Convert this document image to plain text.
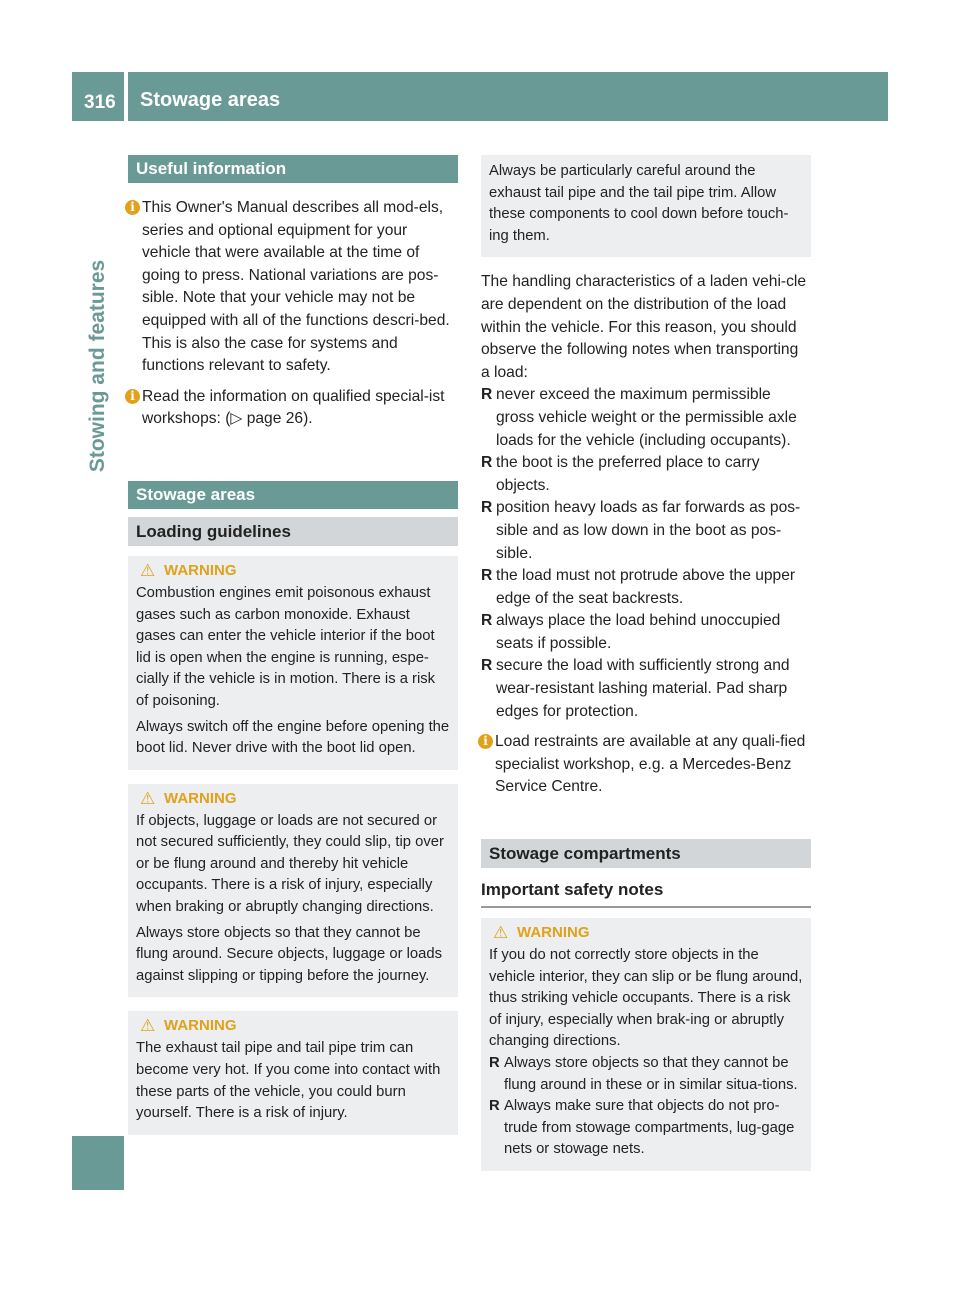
316 Stowage areas
Stowing and features
Useful information
i This Owner's Manual describes all mod-els, series and optional equipment for your vehicle that were available at the time of going to press. National variations are pos-sible. Note that your vehicle may not be equipped with all of the functions descri-bed. This is also the case for systems and functions relevant to safety.

i Read the information on qualified special-ist workshops: (▷ page 26).

Stowage areas
Loading guidelines
⚠ WARNING

Combustion engines emit poisonous exhaust gases such as carbon monoxide. Exhaust gases can enter the vehicle interior if the boot lid is open when the engine is running, espe-cially if the vehicle is in motion. There is a risk of poisoning.

Always switch off the engine before opening the boot lid. Never drive with the boot lid open.

⚠ WARNING

If objects, luggage or loads are not secured or not secured sufficiently, they could slip, tip over or be flung around and thereby hit vehicle occupants. There is a risk of injury, especially when braking or abruptly changing directions.

Always store objects so that they cannot be flung around. Secure objects, luggage or loads against slipping or tipping before the journey.

⚠ WARNING

The exhaust tail pipe and tail pipe trim can become very hot. If you come into contact with these parts of the vehicle, you could burn yourself. There is a risk of injury.

Always be particularly careful around the exhaust tail pipe and the tail pipe trim. Allow these components to cool down before touch-ing them.

The handling characteristics of a laden vehi-cle are dependent on the distribution of the load within the vehicle. For this reason, you should observe the following notes when transporting a load:

R never exceed the maximum permissible gross vehicle weight or the permissible axle loads for the vehicle (including occupants).
R the boot is the preferred place to carry objects.
R position heavy loads as far forwards as pos-sible and as low down in the boot as pos-sible.
R the load must not protrude above the upper edge of the seat backrests.
R always place the load behind unoccupied seats if possible.
R secure the load with sufficiently strong and wear-resistant lashing material. Pad sharp edges for protection.
i Load restraints are available at any quali-fied specialist workshop, e.g. a Mercedes-Benz Service Centre.

Stowage compartments
Important safety notes
⚠ WARNING

If you do not correctly store objects in the vehicle interior, they can slip or be flung around, thus striking vehicle occupants. There is a risk of injury, especially when brak-ing or abruptly changing directions.

R Always store objects so that they cannot be flung around in these or in similar situa-tions.
R Always make sure that objects do not pro-trude from stowage compartments, lug-gage nets or stowage nets.
